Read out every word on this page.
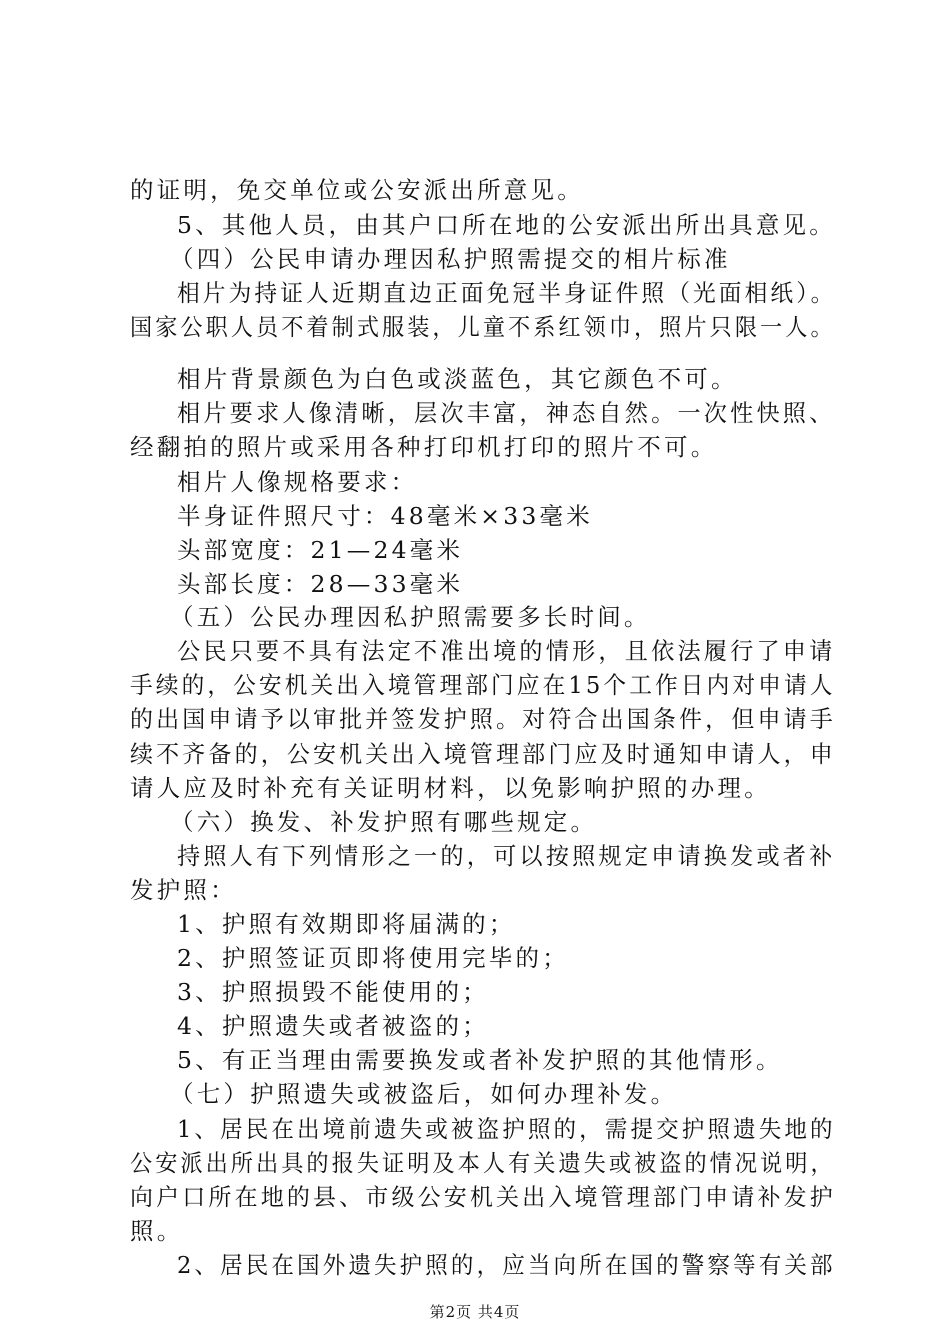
的证明，免交单位或公安派出所意见。
5、其他人员，由其户口所在地的公安派出所出具意见。
（四）公民申请办理因私护照需提交的相片标准
相片为持证人近期直边正面免冠半身证件照（光面相纸）。
国家公职人员不着制式服装，儿童不系红领巾，照片只限一人。
相片背景颜色为白色或淡蓝色，其它颜色不可。
相片要求人像清晰，层次丰富，神态自然。一次性快照、
经翻拍的照片或采用各种打印机打印的照片不可。
相片人像规格要求：
半身证件照尺寸：48毫米×33毫米
头部宽度：21—24毫米
头部长度：28—33毫米
（五）公民办理因私护照需要多长时间。
公民只要不具有法定不准出境的情形，且依法履行了申请
手续的，公安机关出入境管理部门应在15个工作日内对申请人
的出国申请予以审批并签发护照。对符合出国条件，但申请手
续不齐备的，公安机关出入境管理部门应及时通知申请人，申
请人应及时补充有关证明材料，以免影响护照的办理。
（六）换发、补发护照有哪些规定。
持照人有下列情形之一的，可以按照规定申请换发或者补
发护照：
1、护照有效期即将届满的；
2、护照签证页即将使用完毕的；
3、护照损毁不能使用的；
4、护照遗失或者被盗的；
5、有正当理由需要换发或者补发护照的其他情形。
（七）护照遗失或被盗后，如何办理补发。
1、居民在出境前遗失或被盗护照的，需提交护照遗失地的
公安派出所出具的报失证明及本人有关遗失或被盗的情况说明，
向户口所在地的县、市级公安机关出入境管理部门申请补发护
照。
2、居民在国外遗失护照的，应当向所在国的警察等有关部
第2页 共4页
